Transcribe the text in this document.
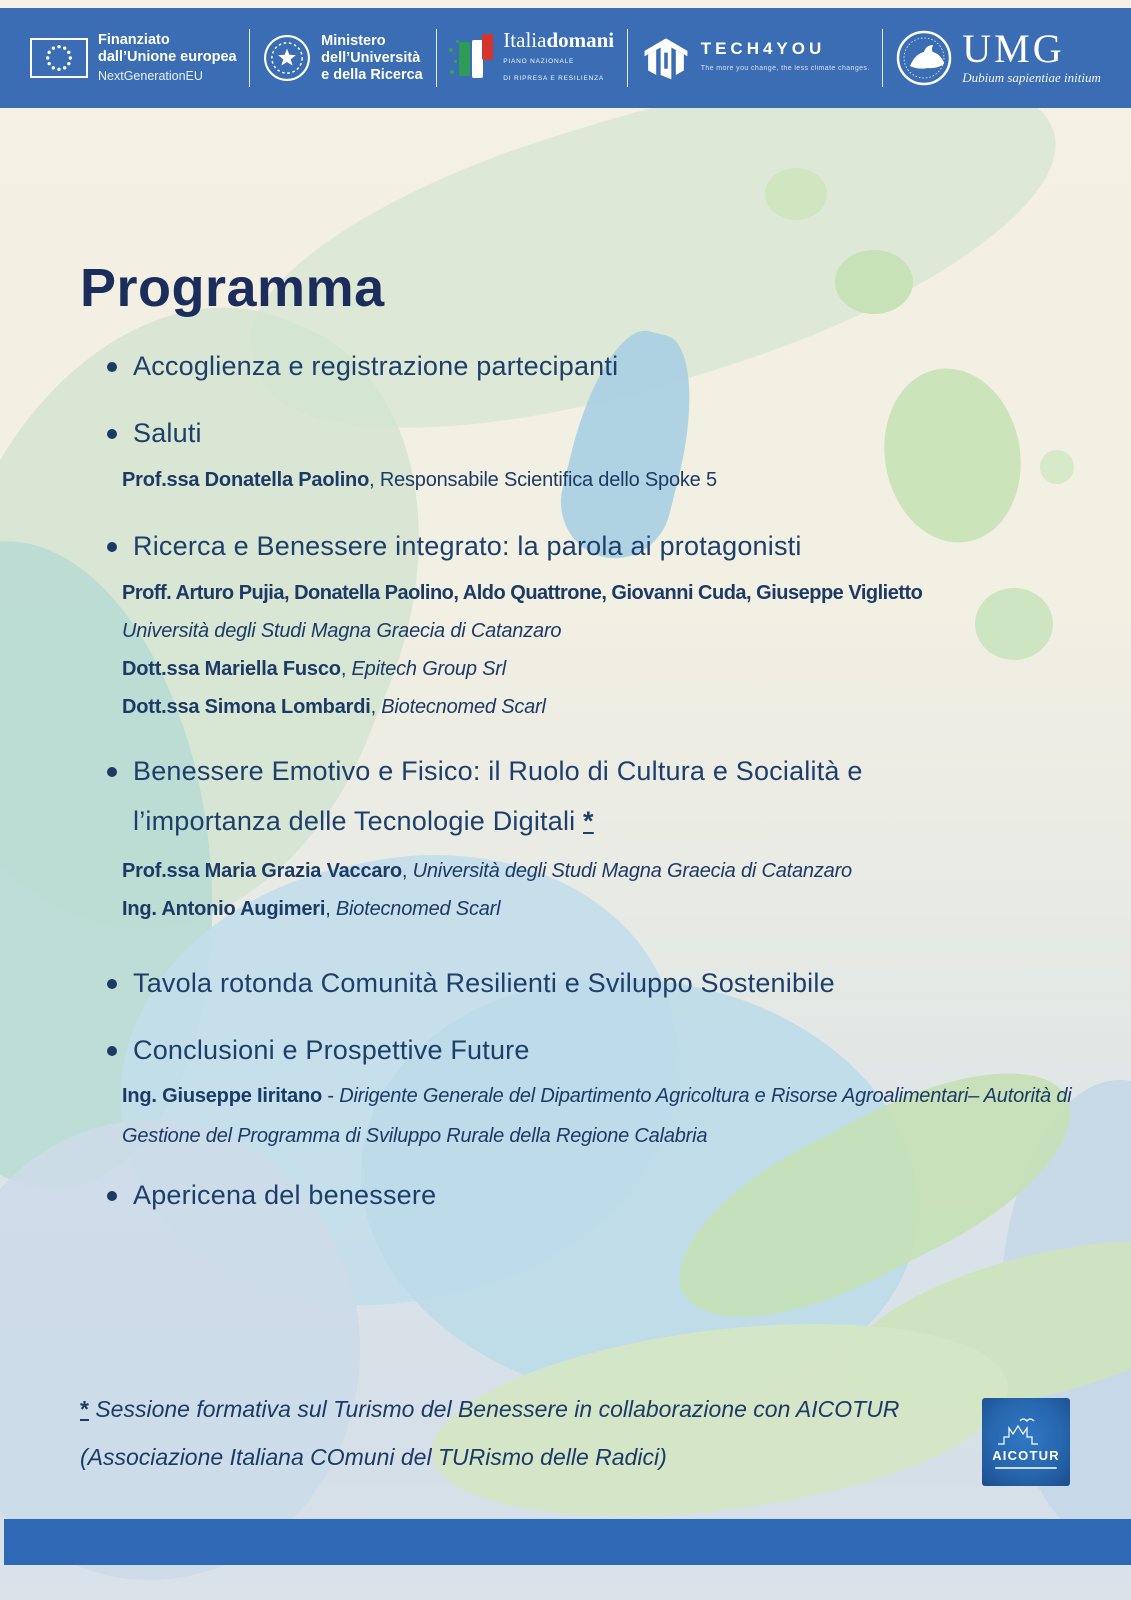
Finanziato
dall’Unione europea
NextGenerationEU
Ministero
dell’Università
e della Ricerca
Italiadomani
PIANO NAZIONALE
DI RIPRESA E RESILIENZA
TECH4YOU
The more you change, the less climate changes. UMG
Dubium sapientiae initium
Programma
Accoglienza e registrazione partecipanti
Saluti
Prof.ssa Donatella Paolino, Responsabile Scientifica dello Spoke 5
Ricerca e Benessere integrato: la parola ai protagonisti
Proff. Arturo Pujia, Donatella Paolino, Aldo Quattrone, Giovanni Cuda, Giuseppe Viglietto
Università degli Studi Magna Graecia di Catanzaro
Dott.ssa Mariella Fusco, Epitech Group Srl
Dott.ssa Simona Lombardi, Biotecnomed Scarl
Benessere Emotivo e Fisico: il Ruolo di Cultura e Socialità e
l’importanza delle Tecnologie Digitali *
Prof.ssa Maria Grazia Vaccaro, Università degli Studi Magna Graecia di Catanzaro
Ing. Antonio Augimeri, Biotecnomed Scarl
Tavola rotonda Comunità Resilienti e Sviluppo Sostenibile
Conclusioni e Prospettive Future
Ing. Giuseppe Iiritano - Dirigente Generale del Dipartimento Agricoltura e Risorse Agroalimentari– Autorità di Gestione del Programma di Sviluppo Rurale della Regione Calabria
Apericena del benessere
* Sessione formativa sul Turismo del Benessere in collaborazione con AICOTUR
(Associazione Italiana COmuni del TURismo delle Radici)	AICOTUR
